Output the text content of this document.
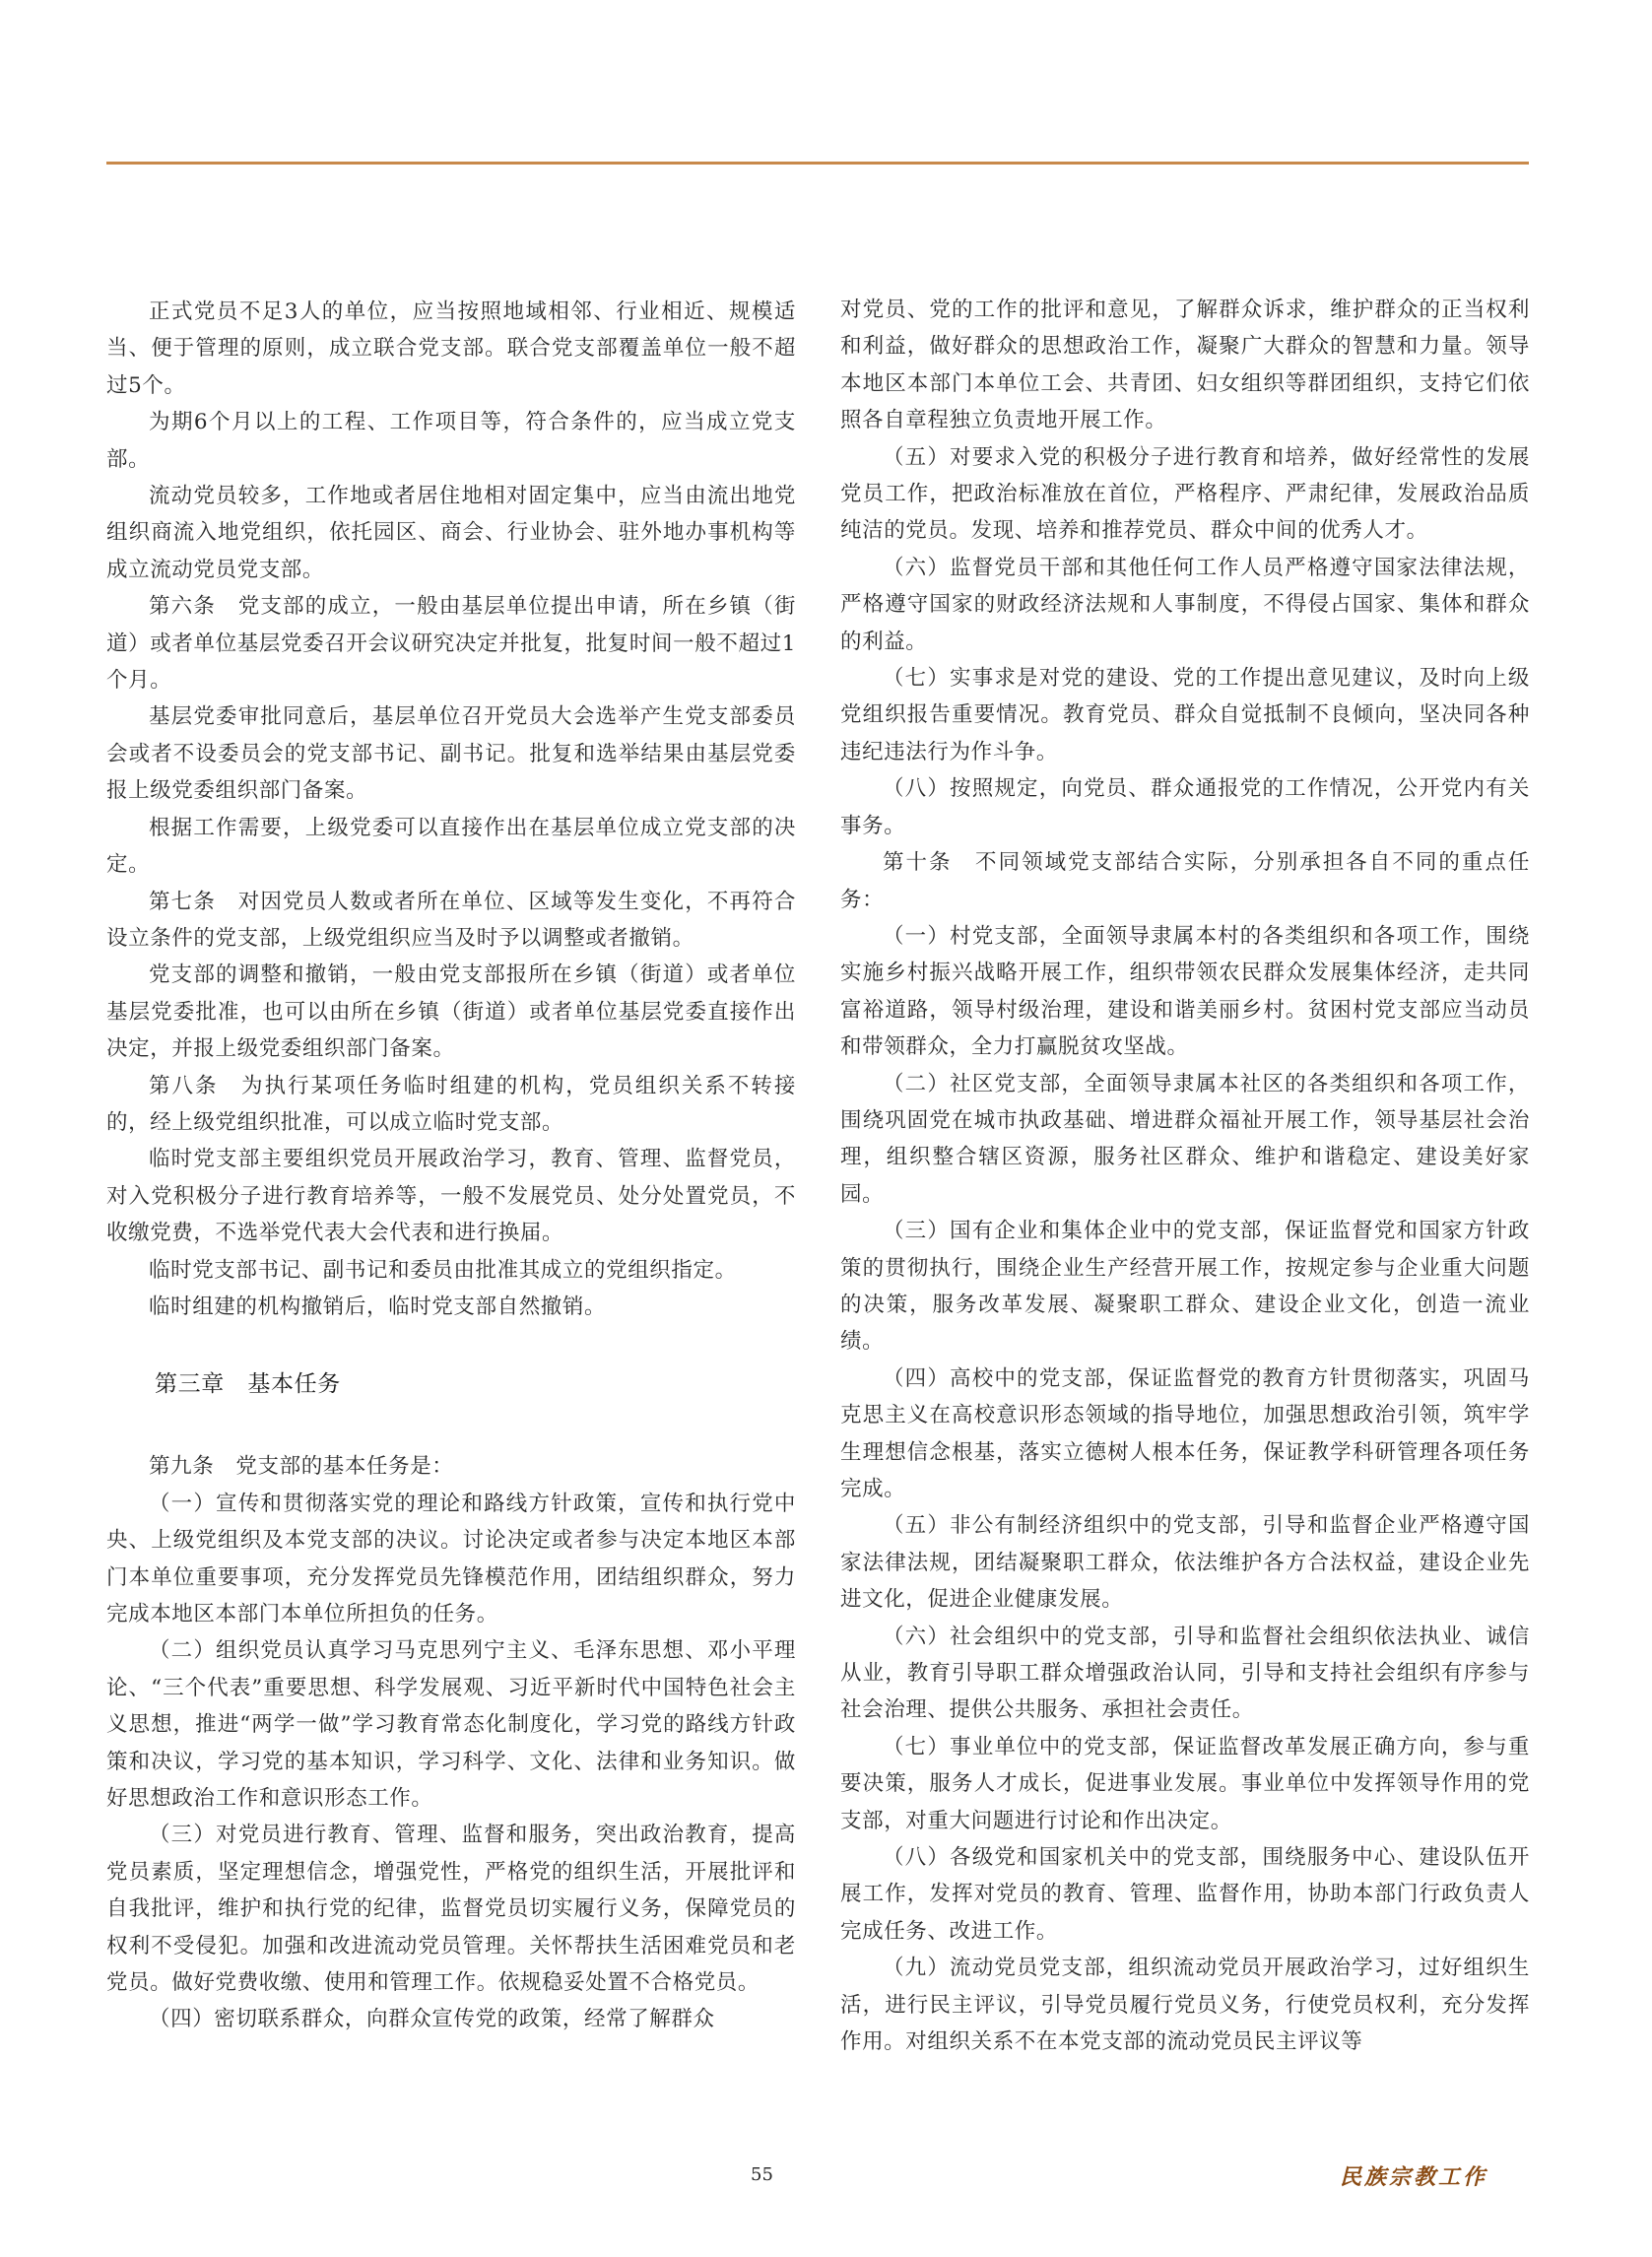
正式党员不足3人的单位，应当按照地域相邻、行业相近、规模适当、便于管理的原则，成立联合党支部。联合党支部覆盖单位一般不超过5个。

为期6个月以上的工程、工作项目等，符合条件的，应当成立党支部。

流动党员较多，工作地或者居住地相对固定集中，应当由流出地党组织商流入地党组织，依托园区、商会、行业协会、驻外地办事机构等成立流动党员党支部。

第六条　党支部的成立，一般由基层单位提出申请，所在乡镇（街道）或者单位基层党委召开会议研究决定并批复，批复时间一般不超过1个月。

基层党委审批同意后，基层单位召开党员大会选举产生党支部委员会或者不设委员会的党支部书记、副书记。批复和选举结果由基层党委报上级党委组织部门备案。

根据工作需要，上级党委可以直接作出在基层单位成立党支部的决定。

第七条　对因党员人数或者所在单位、区域等发生变化，不再符合设立条件的党支部，上级党组织应当及时予以调整或者撤销。

党支部的调整和撤销，一般由党支部报所在乡镇（街道）或者单位基层党委批准，也可以由所在乡镇（街道）或者单位基层党委直接作出决定，并报上级党委组织部门备案。

第八条　为执行某项任务临时组建的机构，党员组织关系不转接的，经上级党组织批准，可以成立临时党支部。

临时党支部主要组织党员开展政治学习，教育、管理、监督党员，对入党积极分子进行教育培养等，一般不发展党员、处分处置党员，不收缴党费，不选举党代表大会代表和进行换届。

临时党支部书记、副书记和委员由批准其成立的党组织指定。

临时组建的机构撤销后，临时党支部自然撤销。

第三章　基本任务

第九条　党支部的基本任务是：

（一）宣传和贯彻落实党的理论和路线方针政策，宣传和执行党中央、上级党组织及本党支部的决议。讨论决定或者参与决定本地区本部门本单位重要事项，充分发挥党员先锋模范作用，团结组织群众，努力完成本地区本部门本单位所担负的任务。

（二）组织党员认真学习马克思列宁主义、毛泽东思想、邓小平理论、“三个代表”重要思想、科学发展观、习近平新时代中国特色社会主义思想，推进“两学一做”学习教育常态化制度化，学习党的路线方针政策和决议，学习党的基本知识，学习科学、文化、法律和业务知识。做好思想政治工作和意识形态工作。

（三）对党员进行教育、管理、监督和服务，突出政治教育，提高党员素质，坚定理想信念，增强党性，严格党的组织生活，开展批评和自我批评，维护和执行党的纪律，监督党员切实履行义务，保障党员的权利不受侵犯。加强和改进流动党员管理。关怀帮扶生活困难党员和老党员。做好党费收缴、使用和管理工作。依规稳妥处置不合格党员。

（四）密切联系群众，向群众宣传党的政策，经常了解群众

对党员、党的工作的批评和意见，了解群众诉求，维护群众的正当权利和利益，做好群众的思想政治工作，凝聚广大群众的智慧和力量。领导本地区本部门本单位工会、共青团、妇女组织等群团组织，支持它们依照各自章程独立负责地开展工作。

（五）对要求入党的积极分子进行教育和培养，做好经常性的发展党员工作，把政治标准放在首位，严格程序、严肃纪律，发展政治品质纯洁的党员。发现、培养和推荐党员、群众中间的优秀人才。

（六）监督党员干部和其他任何工作人员严格遵守国家法律法规，严格遵守国家的财政经济法规和人事制度，不得侵占国家、集体和群众的利益。

（七）实事求是对党的建设、党的工作提出意见建议，及时向上级党组织报告重要情况。教育党员、群众自觉抵制不良倾向，坚决同各种违纪违法行为作斗争。

（八）按照规定，向党员、群众通报党的工作情况，公开党内有关事务。

第十条　不同领域党支部结合实际，分别承担各自不同的重点任务：

（一）村党支部，全面领导隶属本村的各类组织和各项工作，围绕实施乡村振兴战略开展工作，组织带领农民群众发展集体经济，走共同富裕道路，领导村级治理，建设和谐美丽乡村。贫困村党支部应当动员和带领群众，全力打赢脱贫攻坚战。

（二）社区党支部，全面领导隶属本社区的各类组织和各项工作，围绕巩固党在城市执政基础、增进群众福祉开展工作，领导基层社会治理，组织整合辖区资源，服务社区群众、维护和谐稳定、建设美好家园。

（三）国有企业和集体企业中的党支部，保证监督党和国家方针政策的贯彻执行，围绕企业生产经营开展工作，按规定参与企业重大问题的决策，服务改革发展、凝聚职工群众、建设企业文化，创造一流业绩。

（四）高校中的党支部，保证监督党的教育方针贯彻落实，巩固马克思主义在高校意识形态领域的指导地位，加强思想政治引领，筑牢学生理想信念根基，落实立德树人根本任务，保证教学科研管理各项任务完成。

（五）非公有制经济组织中的党支部，引导和监督企业严格遵守国家法律法规，团结凝聚职工群众，依法维护各方合法权益，建设企业先进文化，促进企业健康发展。

（六）社会组织中的党支部，引导和监督社会组织依法执业、诚信从业，教育引导职工群众增强政治认同，引导和支持社会组织有序参与社会治理、提供公共服务、承担社会责任。

（七）事业单位中的党支部，保证监督改革发展正确方向，参与重要决策，服务人才成长，促进事业发展。事业单位中发挥领导作用的党支部，对重大问题进行讨论和作出决定。

（八）各级党和国家机关中的党支部，围绕服务中心、建设队伍开展工作，发挥对党员的教育、管理、监督作用，协助本部门行政负责人完成任务、改进工作。

（九）流动党员党支部，组织流动党员开展政治学习，过好组织生活，进行民主评议，引导党员履行党员义务，行使党员权利，充分发挥作用。对组织关系不在本党支部的流动党员民主评议等

55	民族宗教工作
